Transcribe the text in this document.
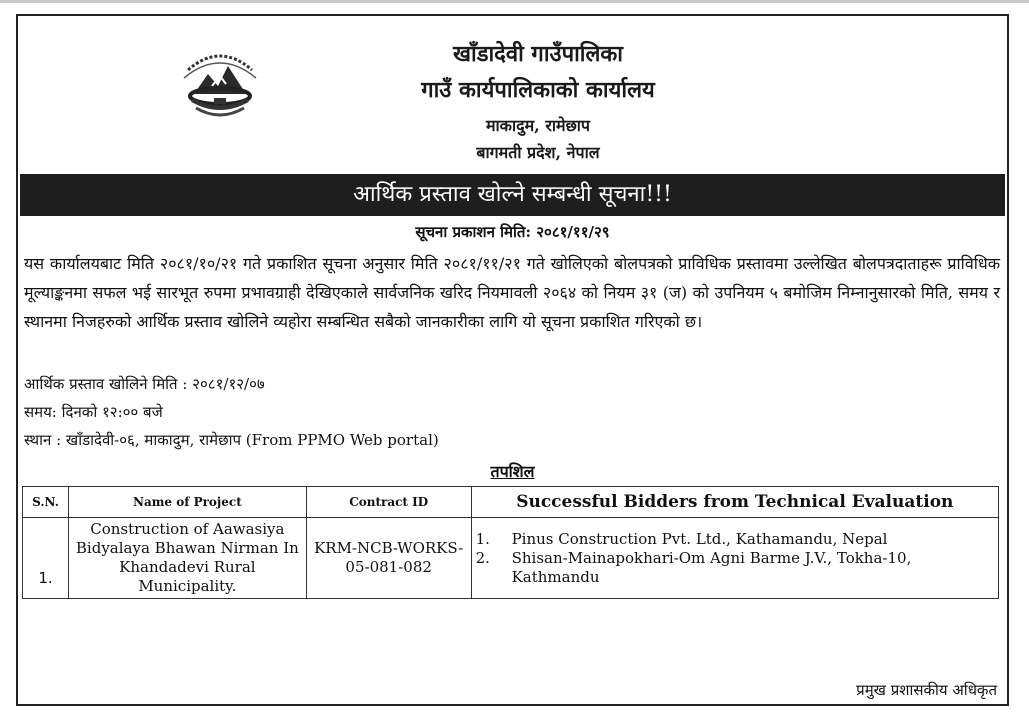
खाँडादेवी गाउँपालिका
गाउँ कार्यपालिकाको कार्यालय
माकादुम, रामेछाप
बागमती प्रदेश, नेपाल
आर्थिक प्रस्ताव खोल्ने सम्बन्धी सूचना!!!
सूचना प्रकाशन मिति: २०८१/११/२९
यस कार्यालयबाट मिति २०८१/१०/२१ गते प्रकाशित सूचना अनुसार मिति २०८१/११/२१ गते खोलिएको बोलपत्रको प्राविधिक प्रस्तावमा उल्लेखित बोलपत्रदाताहरू प्राविधिक मूल्याङ्कनमा सफल भई सारभूत रुपमा प्रभावग्राही देखिएकाले सार्वजनिक खरिद नियमावली २०६४ को नियम ३१ (ज) को उपनियम ५ बमोजिम निम्नानुसारको मिति, समय र स्थानमा निजहरुको आर्थिक प्रस्ताव खोलिने व्यहोरा सम्बन्धित सबैको जानकारीका लागि यो सूचना प्रकाशित गरिएको छ।
आर्थिक प्रस्ताव खोलिने मिति : २०८१/१२/०७
समय: दिनको १२:०० बजे
स्थान : खाँडादेवी-०६, माकादुम, रामेछाप (From PPMO Web portal)
तपशिल
S.N.	Name of Project	Contract ID	Successful Bidders from Technical Evaluation
1.	Construction of Aawasiya Bidyalaya Bhawan Nirman In Khandadevi Rural Municipality.	KRM-NCB-WORKS-05-081-082	1. Pinus Construction Pvt. Ltd., Kathamandu, Nepal
2. Shisan-Mainapokhari-Om Agni Barme J.V., Tokha-10, Kathmandu
प्रमुख प्रशासकीय अधिकृत
